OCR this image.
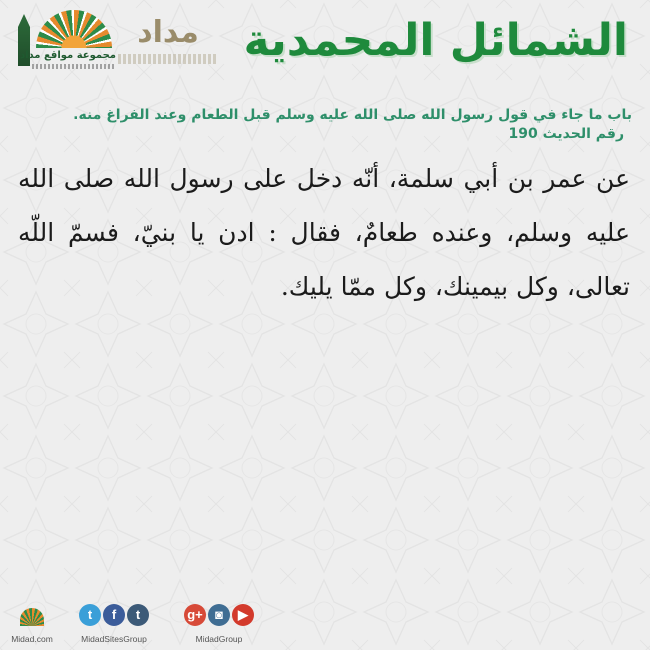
الشمائل المحمدية
مداد
مجموعة مواقع مداد
باب ما جاء في قول رسول الله صلى الله عليه وسلم قبل الطعام وعند الفراغ منه.
رقم الحديث 190
عن عمر بن أبي سلمة، أنّه دخل على رسول الله صلى الله عليه وسلم، وعنده طعامٌ، فقال : ادن يا بنيّ، فسمّ اللّه تعالى، وكل بيمينك، وكل ممّا يليك.
Midad.com
t f t
MidadSitesGroup
g+ ◙ ▶
MidadGroup
